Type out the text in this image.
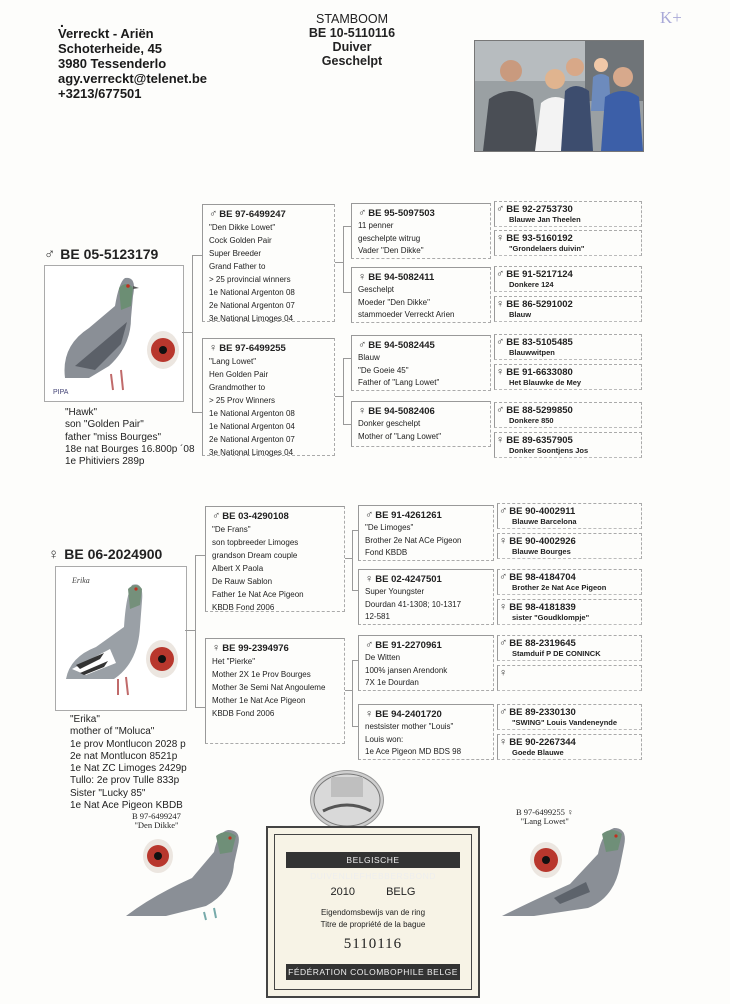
.
Verreckt - Ariën
Schoterheide, 45
3980 Tessenderlo
agy.verreckt@telenet.be
+3213/677501
STAMBOOM
BE 10-5110116
Duiver
Geschelpt
K+
♂ BE 05-5123179
PIPA
"Hawk"
son "Golden Pair"
father "miss Bourges"
18e nat Bourges 16.800p ´08
1e Phitiviers 289p
♂ BE 97-6499247
"Den Dikke Lowet"
Cock Golden Pair
Super Breeder
Grand Father to
> 25 provincial winners
1e National Argenton 08
2e National Argenton 07
3e National Limoges 04
♀ BE 97-6499255
"Lang Lowet"
Hen Golden Pair
Grandmother to
> 25 Prov Winners
1e National Argenton 08
1e National Argenton 04
2e National Argenton 07
3e National Limoges 04
♂ BE 95-5097503
11 penner
geschelpte witrug
Vader "Den Dikke"
♀ BE 94-5082411
Geschelpt
Moeder "Den Dikke"
stammoeder Verreckt Arien
♂ BE 94-5082445
Blauw
"De Goeie 45"
Father of "Lang Lowet"
♀ BE 94-5082406
Donker geschelpt
Mother of "Lang Lowet"
♂ BE 92-2753730
Blauwe Jan Theelen
♀ BE 93-5160192
"Grondelaers duivin"
♂ BE 91-5217124
Donkere 124
♀ BE 86-5291002
Blauw
♂ BE 83-5105485
Blauwwitpen
♀ BE 91-6633080
Het Blauwke de Mey
♂ BE 88-5299850
Donkere 850
♀ BE 89-6357905
Donker Soontjens Jos
♀ BE 06-2024900
Erika
"Erika"
mother of "Moluca"
1e prov Montlucon 2028 p
2e nat Montlucon 8521p
1e Nat ZC Limoges 2429p
Tullo: 2e prov Tulle 833p
Sister "Lucky 85"
1e Nat Ace Pigeon KBDB
♂ BE 03-4290108
"De Frans"
son topbreeder Limoges
grandson Dream couple
Albert X Paola
De Rauw Sablon
Father 1e Nat Ace Pigeon
KBDB Fond 2006
♀ BE 99-2394976
Het "Pierke"
Mother 2X 1e Prov Bourges
Mother 3e Semi Nat Angouleme
Mother 1e Nat Ace Pigeon
KBDB Fond 2006
♂ BE 91-4261261
"De Limoges"
Brother 2e Nat ACe Pigeon
Fond KBDB
♀ BE 02-4247501
Super Youngster
Dourdan 41-1308; 10-1317
12-581
♂ BE 91-2270961
De Witten
100% jansen Arendonk
7X 1e Dourdan
♀ BE 94-2401720
nestsister mother "Louis"
Louis won:
1e Ace Pigeon MD BDS 98
♂ BE 90-4002911
Blauwe Barcelona
♀ BE 90-4002926
Blauwe Bourges
♂ BE 98-4184704
Brother 2e Nat Ace Pigeon
♀ BE 98-4181839
sister "Goudklompje"
♂ BE 88-2319645
Stamduif P DE CONINCK
♀
♂ BE 89-2330130
"SWING" Louis Vandeneynde
♀ BE 90-2267344
Goede Blauwe
B 97-6499247
"Den Dikke"
B 97-6499255 ♀
"Lang Lowet"
BELGISCHE DUIVENLIEFHEBBERSBOND
2010	BELG
Eigendomsbewijs van de ring
Titre de propriété de la bague
5110116
FÉDÉRATION COLOMBOPHILE BELGE
